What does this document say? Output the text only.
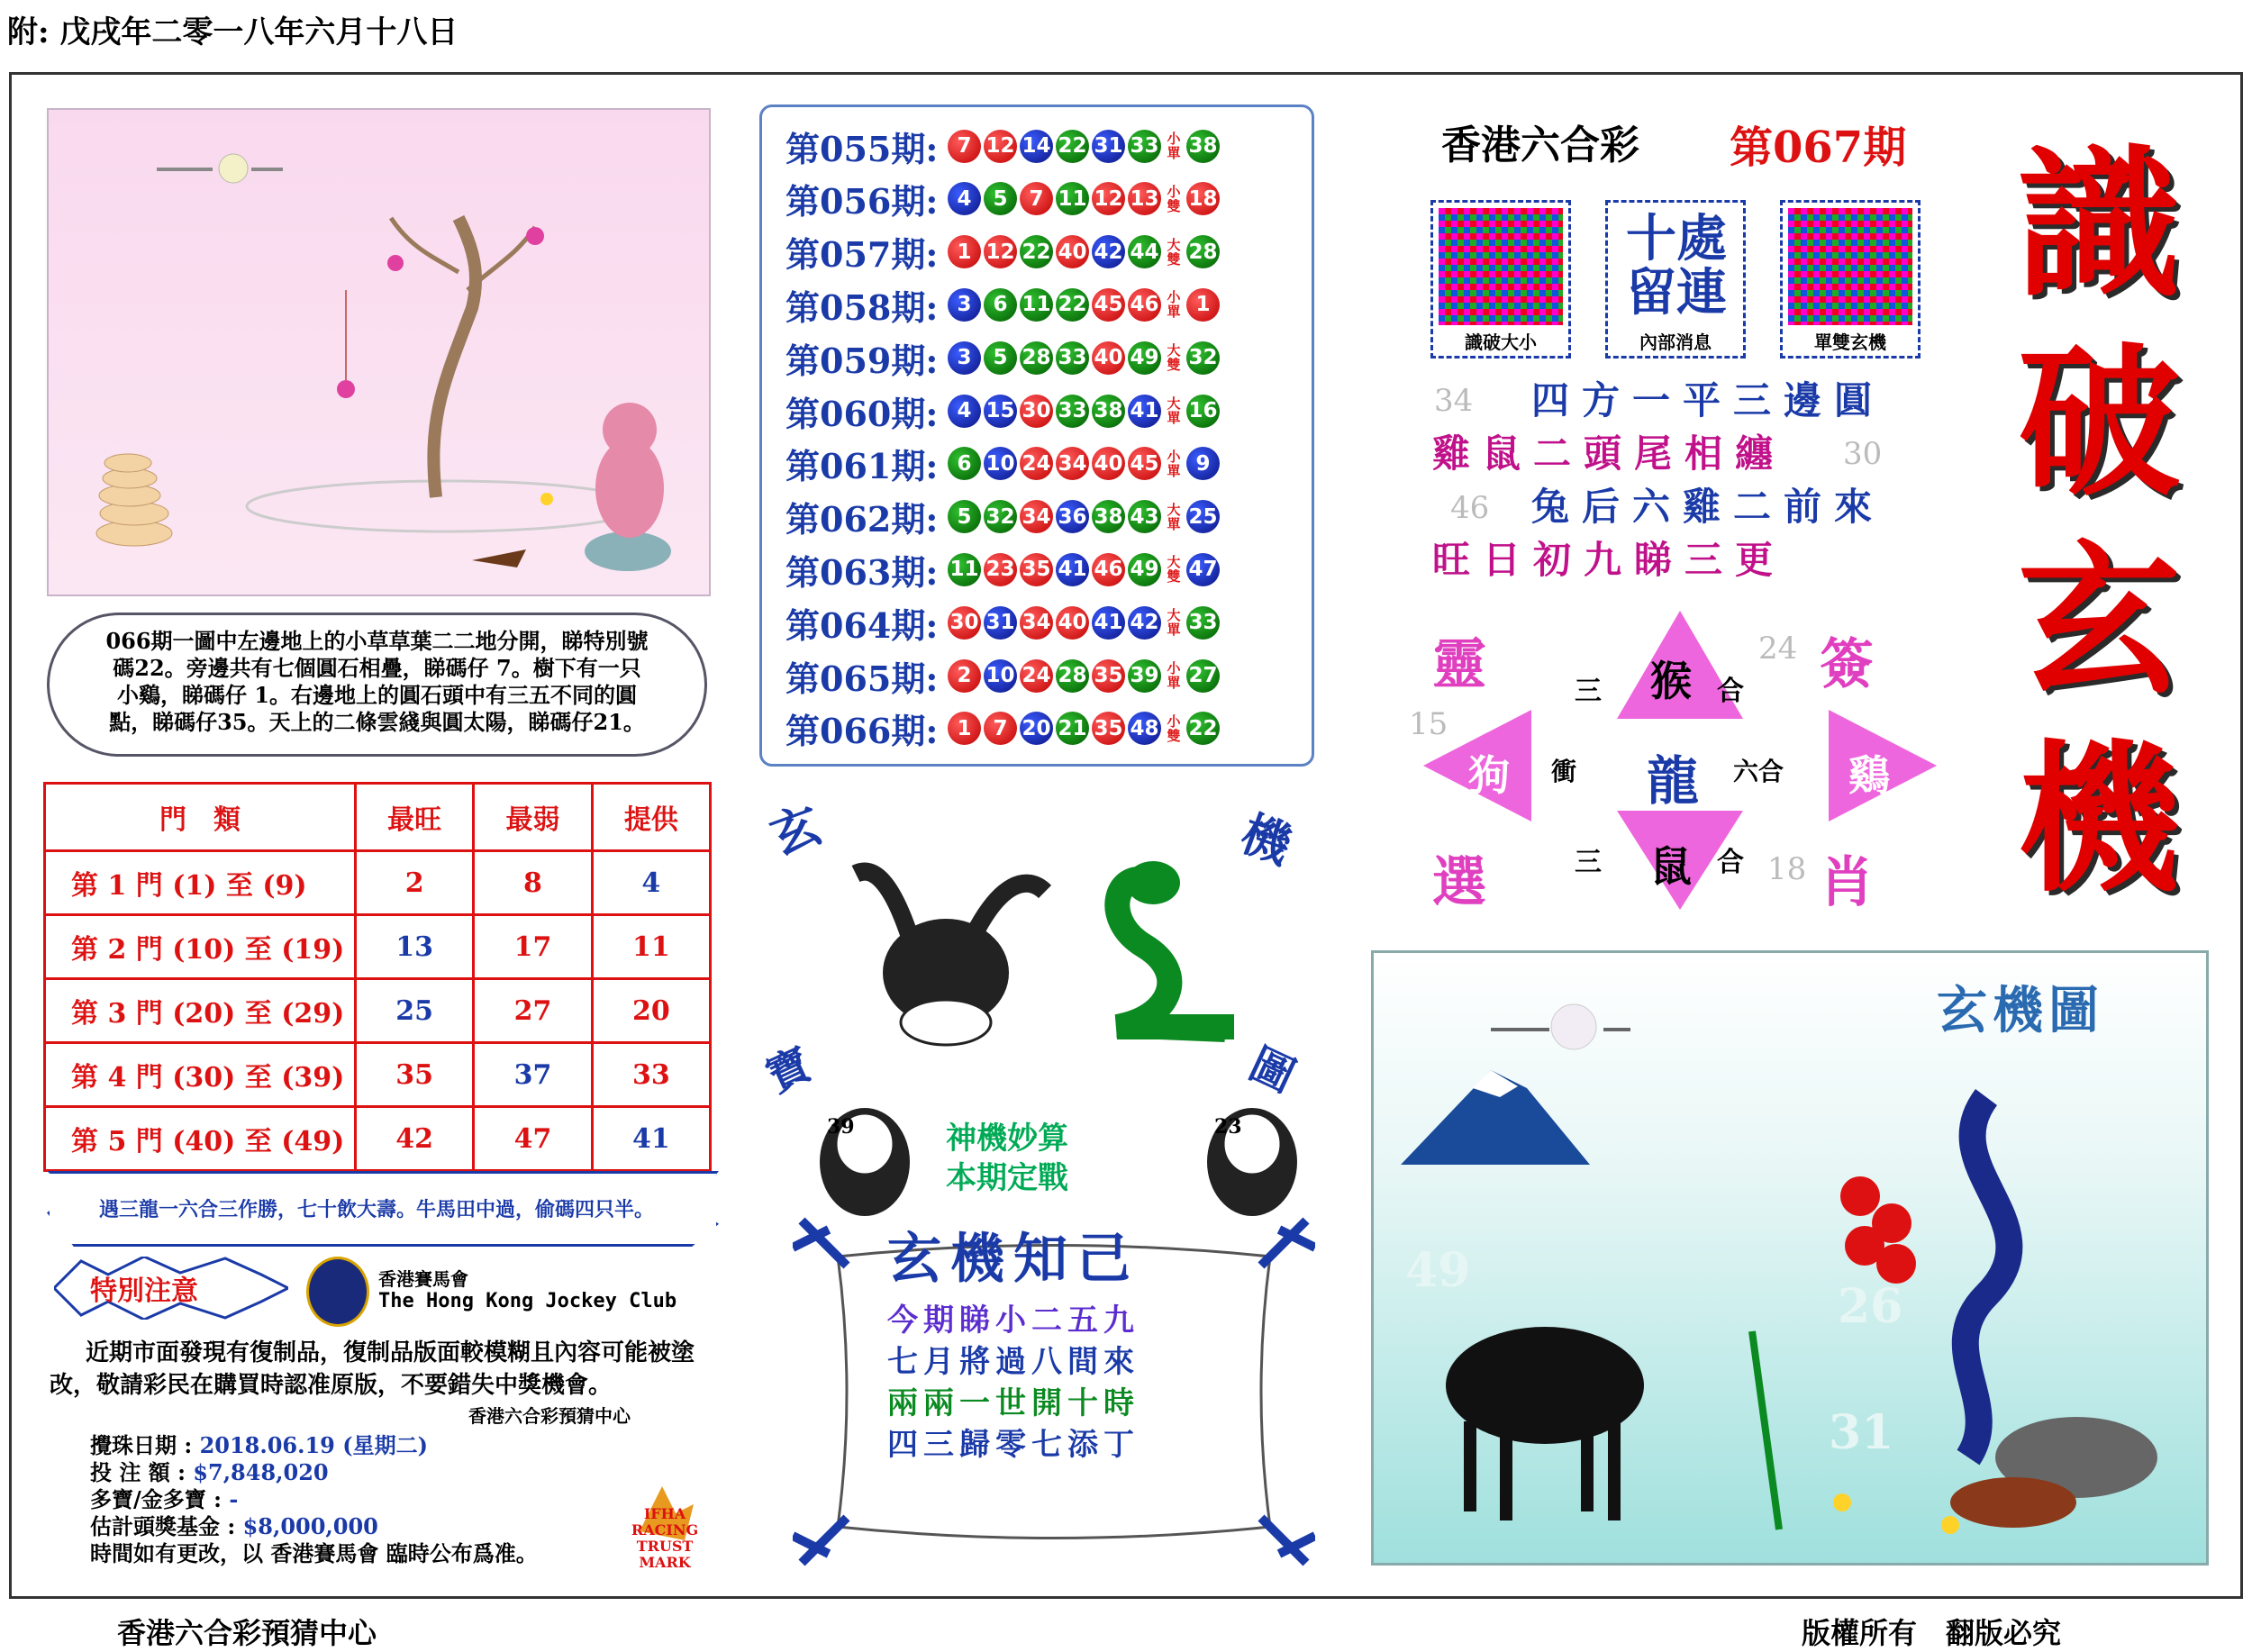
附: 戊戌年二零一八年六月十八日
066期一圖中左邊地上的小草草葉二二地分開，睇特別號碼22。旁邊共有七個圓石相疊，睇碼仔 7。樹下有一只小鷄，睇碼仔 1。右邊地上的圓石頭中有三五不同的圓點，睇碼仔35。天上的二條雲綫與圓太陽，睇碼仔21。
門　類	最旺	最弱	提供
第 1 門 (1) 至 (9)	2	8	4
第 2 門 (10) 至 (19)	13	17	11
第 3 門 (20) 至 (29)	25	27	20
第 4 門 (30) 至 (39)	35	37	33
第 5 門 (40) 至 (49)	42	47	41
遇三龍一六合三作勝，七十飲大壽。牛馬田中過，偷碼四只半。
特別注意	香港賽馬會
The Hong Kong Jockey Club
近期市面發現有復制品，復制品版面較模糊且內容可能被塗改，敬請彩民在購買時認准原版，不要錯失中獎機會。
香港六合彩預猜中心
攪珠日期 : 2018.06.19 (星期二)
投 注 額 : $7,848,020
多寶/金多寶 : -
估計頭獎基金 : $8,000,000
時間如有更改，以 香港賽馬會 臨時公布爲准。
IFHA RACING TRUST MARK
第055期: 7 12 14 22 31 33 小單 38
第056期: 4	5	7 11 12 13 小雙 18
第057期: 1 12 22 40 42 44 大雙 28
第058期: 3	6 11 22 45 46 小單 1
第059期: 3	5 28 33 40 49 大雙 32
第060期: 4 15 30 33 38 41 大單 16
第061期: 6 10 24 34 40 45 小單 9
第062期: 5 32 34 36 38 43 大單 25
第063期: 11 23 35 41 46 49 大雙 47
第064期: 30 31 34 40 41 42 大單 33
第065期: 2 10 24 28 35 39 小單 27
第066期: 1	7 20 21 35 48 小雙 22
玄	機
寶	圖
39	23
神機妙算
本期定戰
玄機知己
今期睇小二五九
七月將過八間來
兩兩一世開十時
四三歸零七添丁
香港六合彩 第067期 識破玄機
識破大小
十處留連
內部消息	單雙玄機
四方一平三邊圓
雞鼠二頭尾相纏
兔后六雞二前來
旺日初九睇三更
34
30
46
24
15
18
猴
狗	鷄
鼠
龍
靈	簽
選	肖
三	合
衝	六合
三	合
玄機圖
49
26
31
香港六合彩預猜中心	版權所有　翻版必究
